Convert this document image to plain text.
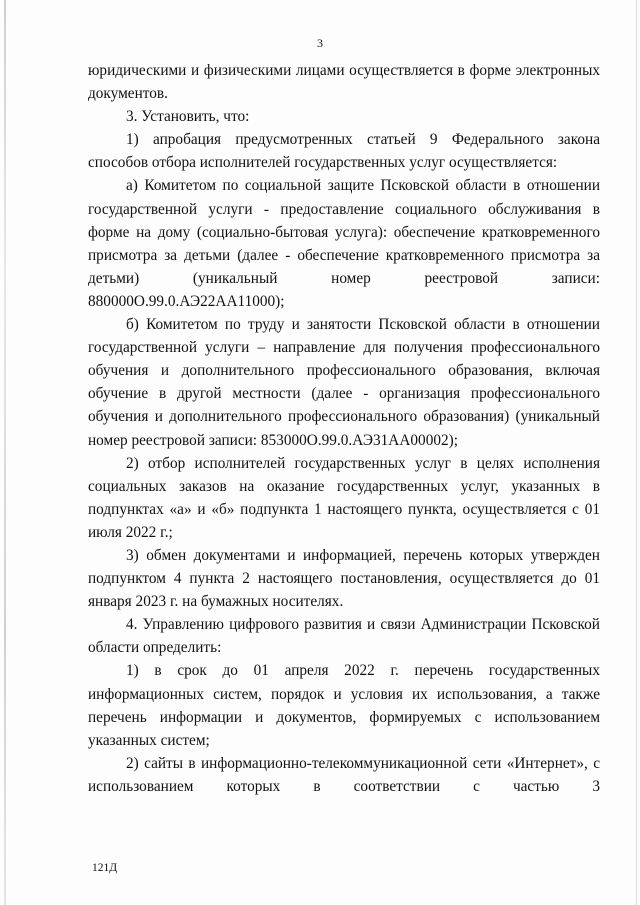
3

юридическими и физическими лицами осуществляется в форме электронных документов.

3. Установить, что:

1) апробация предусмотренных статьей 9 Федерального закона способов отбора исполнителей государственных услуг осуществляется:

а) Комитетом по социальной защите Псковской области в отношении государственной услуги - предоставление социального обслуживания в форме на дому (социально-бытовая услуга): обеспечение кратковременного присмотра за детьми (далее - обеспечение кратковременного присмотра за детьми) (уникальный номер реестровой записи: 880000О.99.0.АЭ22АА11000);

б) Комитетом по труду и занятости Псковской области в отношении государственной услуги – направление для получения профессионального обучения и дополнительного профессионального образования, включая обучение в другой местности (далее - организация профессионального обучения и дополнительного профессионального образования) (уникальный номер реестровой записи: 853000О.99.0.АЭ31АА00002);

2) отбор исполнителей государственных услуг в целях исполнения социальных заказов на оказание государственных услуг, указанных в подпунктах «а» и «б» подпункта 1 настоящего пункта, осуществляется с 01 июля 2022 г.;

3) обмен документами и информацией, перечень которых утвержден подпунктом 4 пункта 2 настоящего постановления, осуществляется до 01 января 2023 г. на бумажных носителях.

4. Управлению цифрового развития и связи Администрации Псковской области определить:

1) в срок до 01 апреля 2022 г. перечень государственных информационных систем, порядок и условия их использования, а также перечень информации и документов, формируемых с использованием указанных систем;

2) сайты в информационно-телекоммуникационной сети «Интернет», с использованием которых в соответствии с частью 3

121Д
